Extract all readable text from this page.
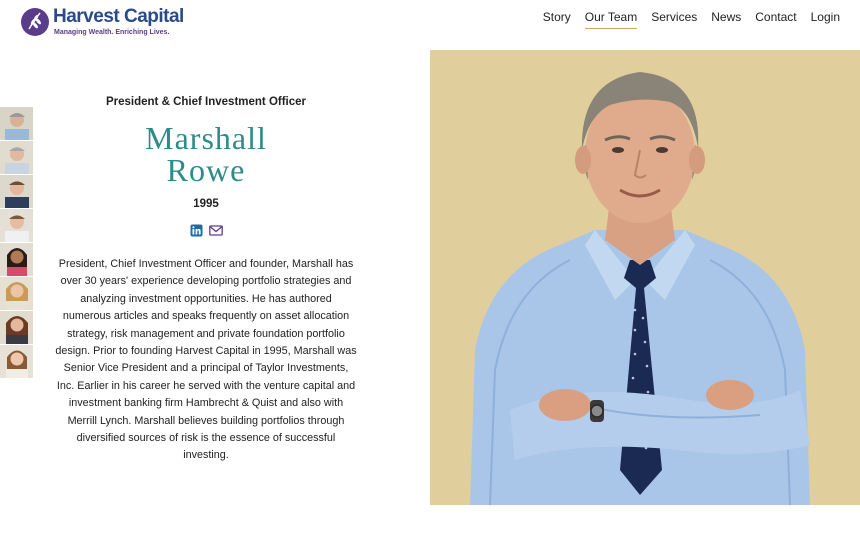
Harvest Capital
Managing Wealth. Enriching Lives.
Story Our Team Services News Contact Login
President & Chief Investment Officer
Marshall
Rowe
1995

President, Chief Investment Officer and founder, Marshall has over 30 years' experience developing portfolio strategies and analyzing investment opportunities. He has authored numerous articles and speaks frequently on asset allocation strategy, risk management and private foundation portfolio design. Prior to founding Harvest Capital in 1995, Marshall was Senior Vice President and a principal of Taylor Investments, Inc. Earlier in his career he served with the venture capital and investment banking firm Hambrecht & Quist and also with Merrill Lynch. Marshall believes building portfolios through diversified sources of risk is the essence of successful investing.
